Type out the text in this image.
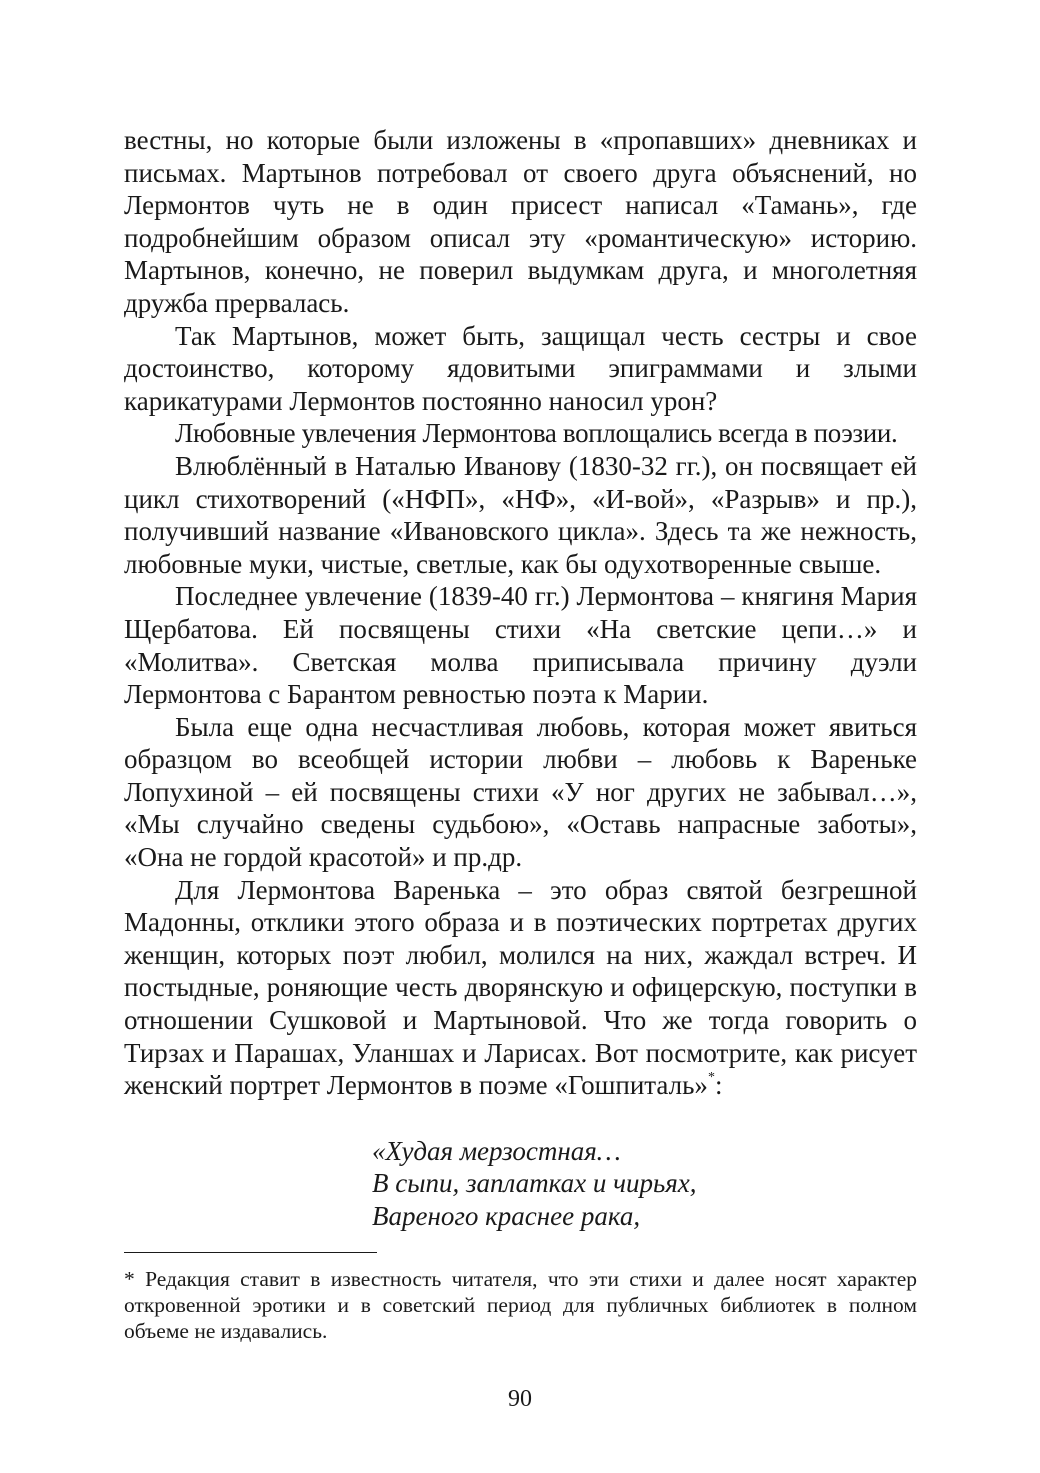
вестны, но которые были изложены в «пропавших» дневниках и письмах. Мартынов потребовал от своего друга объяснений, но Лермонтов чуть не в один присест написал «Тамань», где подробнейшим образом описал эту «романтическую» историю. Мартынов, конечно, не поверил выдумкам друга, и многолетняя дружба прервалась.

Так Мартынов, может быть, защищал честь сестры и свое достоинство, которому ядовитыми эпиграммами и злыми карикатурами Лермонтов постоянно наносил урон?

Любовные увлечения Лермонтова воплощались всегда в поэзии.

Влюблённый в Наталью Иванову (1830-32 гг.), он посвящает ей цикл стихотворений («НФП», «НФ», «И-вой», «Разрыв» и пр.), получивший название «Ивановского цикла». Здесь та же нежность, любовные муки, чистые, светлые, как бы одухотворенные свыше.

Последнее увлечение (1839-40 гг.) Лермонтова – княгиня Мария Щербатова. Ей посвящены стихи «На светские цепи…» и «Молитва». Светская молва приписывала причину дуэли Лермонтова с Барантом ревностью поэта к Марии.

Была еще одна несчастливая любовь, которая может явиться образцом во всеобщей истории любви – любовь к Вареньке Лопухиной – ей посвящены стихи «У ног других не забывал…», «Мы случайно сведены судьбою», «Оставь напрасные заботы», «Она не гордой красотой» и пр.др.

Для Лермонтова Варенька – это образ святой безгрешной Мадонны, отклики этого образа и в поэтических портретах других женщин, которых поэт любил, молился на них, жаждал встреч. И постыдные, роняющие честь дворянскую и офицерскую, поступки в отношении Сушковой и Мартыновой. Что же тогда говорить о Тирзах и Парашах, Уланшах и Ларисах. Вот посмотрите, как рисует женский портрет Лермонтов в поэме «Гошпиталь»*:

«Худая мерзостная…
В сыпи, заплатках и чирьях,
Вареного краснее рака,
* Редакция ставит в известность читателя, что эти стихи и далее носят характер откровенной эротики и в советский период для публичных библиотек в полном объеме не издавались.
90
